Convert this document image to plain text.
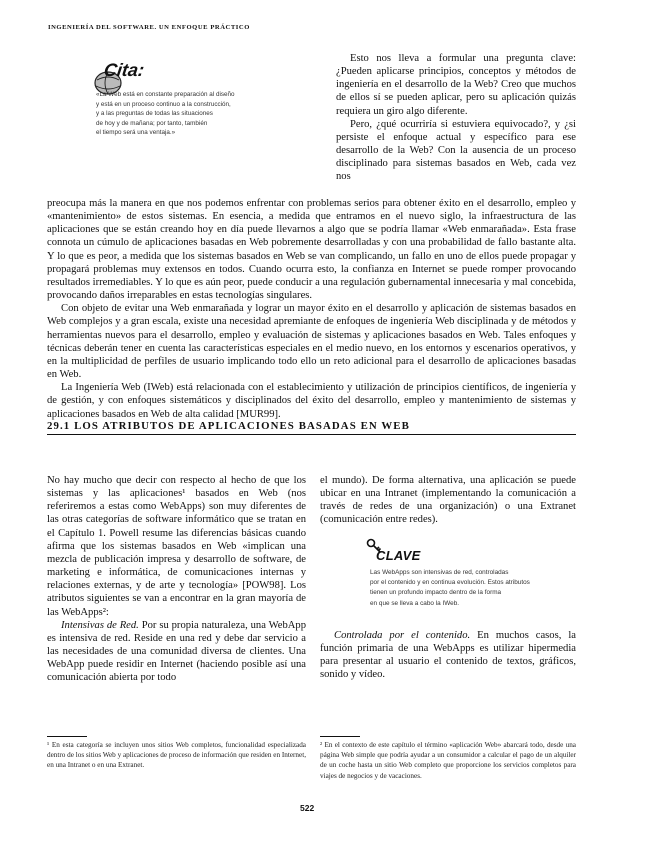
INGENIERÍA DEL SOFTWARE. UN ENFOQUE PRÁCTICO
Cita:
«La Web está en constante preparación al diseño
y está en un proceso continuo a la construcción,
y a las preguntas de todas las situaciones
de hoy y de mañana; por tanto, también
el tiempo será una ventaja.»

Esto nos lleva a formular una pregunta clave: ¿Pueden aplicarse principios, conceptos y métodos de ingeniería en el desarrollo de la Web? Creo que muchos de ellos sí se pueden aplicar, pero su aplicación quizás requiera un giro algo diferente.

Pero, ¿qué ocurriría si estuviera equivocado?, y ¿si persiste el enfoque actual y específico para ese desarrollo de la Web? Con la ausencia de un proceso disciplinado para sistemas basados en Web, cada vez nos

preocupa más la manera en que nos podemos enfrentar con problemas serios para obtener éxito en el desarrollo, empleo y «mantenimiento» de estos sistemas. En esencia, a medida que entramos en el nuevo siglo, la infraestructura de las aplicaciones que se están creando hoy en día puede llevarnos a algo que se podría llamar «Web enmarañada». Esta frase connota un cúmulo de aplicaciones basadas en Web pobremente desarrolladas y con una probabilidad de fallo bastante alta. Y lo que es peor, a medida que los sistemas basados en Web se van complicando, un fallo en uno de ellos puede propagar y propagará problemas muy extensos en todos. Cuando ocurra esto, la confianza en Internet se puede romper provocando resultados irremediables. Y lo que es aún peor, puede conducir a una regulación gubernamental innecesaria y mal concebida, provocando daños irreparables en estas tecnologías singulares.

Con objeto de evitar una Web enmarañada y lograr un mayor éxito en el desarrollo y aplicación de sistemas basados en Web complejos y a gran escala, existe una necesidad apremiante de enfoques de ingeniería Web disciplinada y de métodos y herramientas nuevos para el desarrollo, empleo y evaluación de sistemas y aplicaciones basados en Web. Tales enfoques y técnicas deberán tener en cuenta las características especiales en el medio nuevo, en los entornos y escenarios operativos, y en la multiplicidad de perfiles de usuario implicando todo ello un reto adicional para el desarrollo de aplicaciones basadas en Web.

La Ingeniería Web (IWeb) está relacionada con el establecimiento y utilización de principios científicos, de ingeniería y de gestión, y con enfoques sistemáticos y disciplinados del éxito del desarrollo, empleo y mantenimiento de sistemas y aplicaciones basados en Web de alta calidad [MUR99].

29.1 LOS ATRIBUTOS DE APLICACIONES BASADAS EN WEB

No hay mucho que decir con respecto al hecho de que los sistemas y las aplicaciones¹ basados en Web (nos referiremos a estas como WebApps) son muy diferentes de las otras categorías de software informático que se tratan en el Capítulo 1. Powell resume las diferencias básicas cuando afirma que los sistemas basados en Web «implican una mezcla de publicación impresa y desarrollo de software, de marketing e informática, de comunicaciones internas y relaciones externas, y de arte y tecnología» [POW98]. Los atributos siguientes se van a encontrar en la gran mayoría de las WebApps²:

Intensivas de Red. Por su propia naturaleza, una WebApp es intensiva de red. Reside en una red y debe dar servicio a las necesidades de una comunidad diversa de clientes. Una WebApp puede residir en Internet (haciendo posible así una comunicación abierta por todo

el mundo). De forma alternativa, una aplicación se puede ubicar en una Intranet (implementando la comunicación a través de redes de una organización) o una Extranet (comunicación entre redes).

CLAVE
Las WebApps son intensivas de red, controladas
por el contenido y en continua evolución. Estos atributos
tienen un profundo impacto dentro de la forma
en que se lleva a cabo la IWeb.

Controlada por el contenido. En muchos casos, la función primaria de una WebApps es utilizar hipermedia para presentar al usuario el contenido de textos, gráficos, sonido y vídeo.

¹ En esta categoría se incluyen unos sitios Web completos, funcionalidad especializada dentro de los sitios Web y aplicaciones de proceso de información que residen en Internet, en una Intranet o en una Extranet.

² En el contexto de este capítulo el término «aplicación Web» abarcará todo, desde una página Web simple que podría ayudar a un consumidor a calcular el pago de un alquiler de un coche hasta un sitio Web completo que proporcione los servicios completos para viajes de negocios y de vacaciones.

522
